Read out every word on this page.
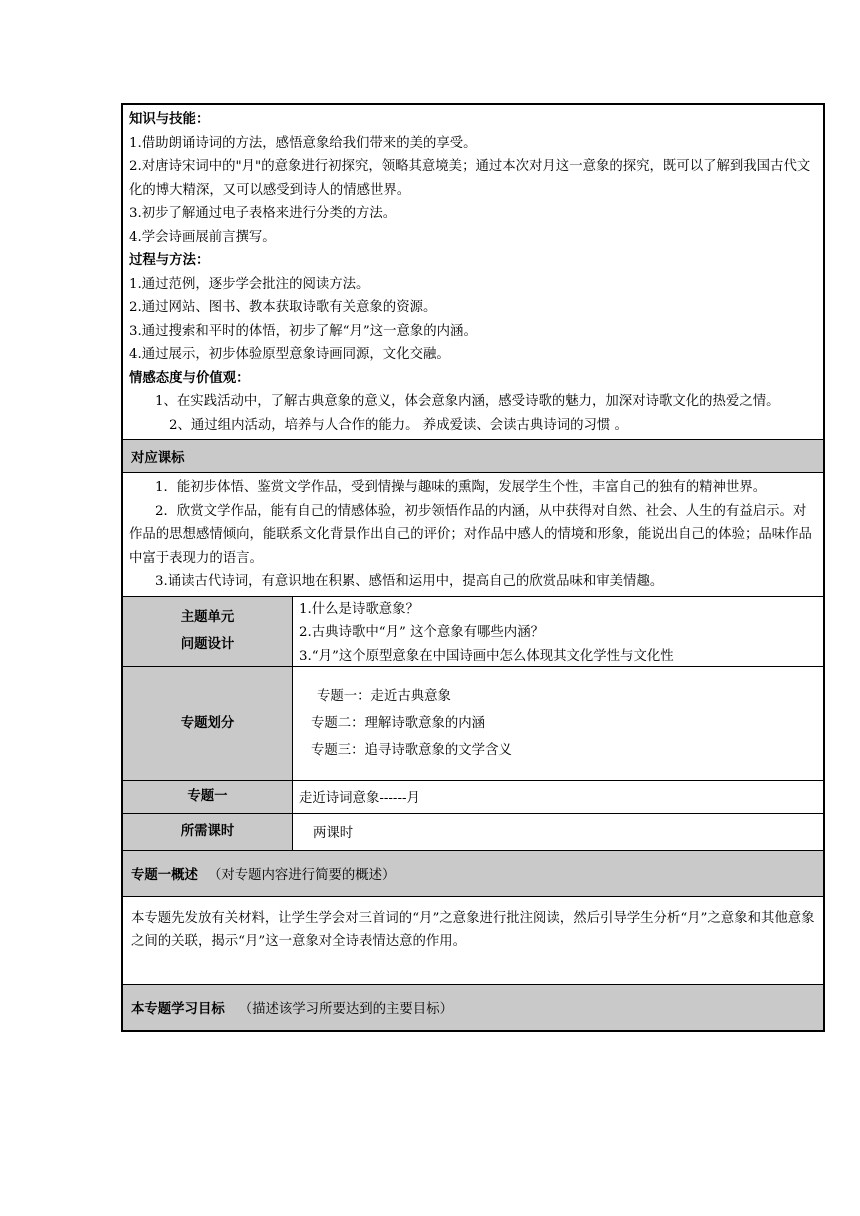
知识与技能：

1.借助朗诵诗词的方法，感悟意象给我们带来的美的享受。

2.对唐诗宋词中的"月"的意象进行初探究，领略其意境美；通过本次对月这一意象的探究，既可以了解到我国古代文化的博大精深，又可以感受到诗人的情感世界。

3.初步了解通过电子表格来进行分类的方法。

4.学会诗画展前言撰写。

过程与方法：

1.通过范例，逐步学会批注的阅读方法。

2.通过网站、图书、教本获取诗歌有关意象的资源。

3.通过搜索和平时的体悟，初步了解“月”这一意象的内涵。

4.通过展示，初步体验原型意象诗画同源，文化交融。

情感态度与价值观：

1、在实践活动中，了解古典意象的意义，体会意象内涵，感受诗歌的魅力，加深对诗歌文化的热爱之情。

2、通过组内活动，培养与人合作的能力。 养成爱读、会读古典诗词的习惯 。

对应课标

1．能初步体悟、鉴赏文学作品，受到情操与趣味的熏陶，发展学生个性，丰富自己的独有的精神世界。

2．欣赏文学作品，能有自己的情感体验，初步领悟作品的内涵，从中获得对自然、社会、人生的有益启示。对作品的思想感情倾向，能联系文化背景作出自己的评价；对作品中感人的情境和形象，能说出自己的体验；品味作品中富于表现力的语言。

3.诵读古代诗词，有意识地在积累、感悟和运用中，提高自己的欣赏品味和审美情趣。

主题单元
问题设计

1.什么是诗歌意象？

2.古典诗歌中“月” 这个意象有哪些内涵？

3.“月”这个原型意象在中国诗画中怎么体现其文化学性与文化性

专题划分
专题一：走近古典意象
专题二：理解诗歌意象的内涵
专题三：追寻诗歌意象的文学含义
专题一	走近诗词意象------月
所需课时	两课时
专题一概述 （对专题内容进行简要的概述）

本专题先发放有关材料，让学生学会对三首词的“月”之意象进行批注阅读，然后引导学生分析“月”之意象和其他意象之间的关联，揭示“月”这一意象对全诗表情达意的作用。

本专题学习目标 （描述该学习所要达到的主要目标）
